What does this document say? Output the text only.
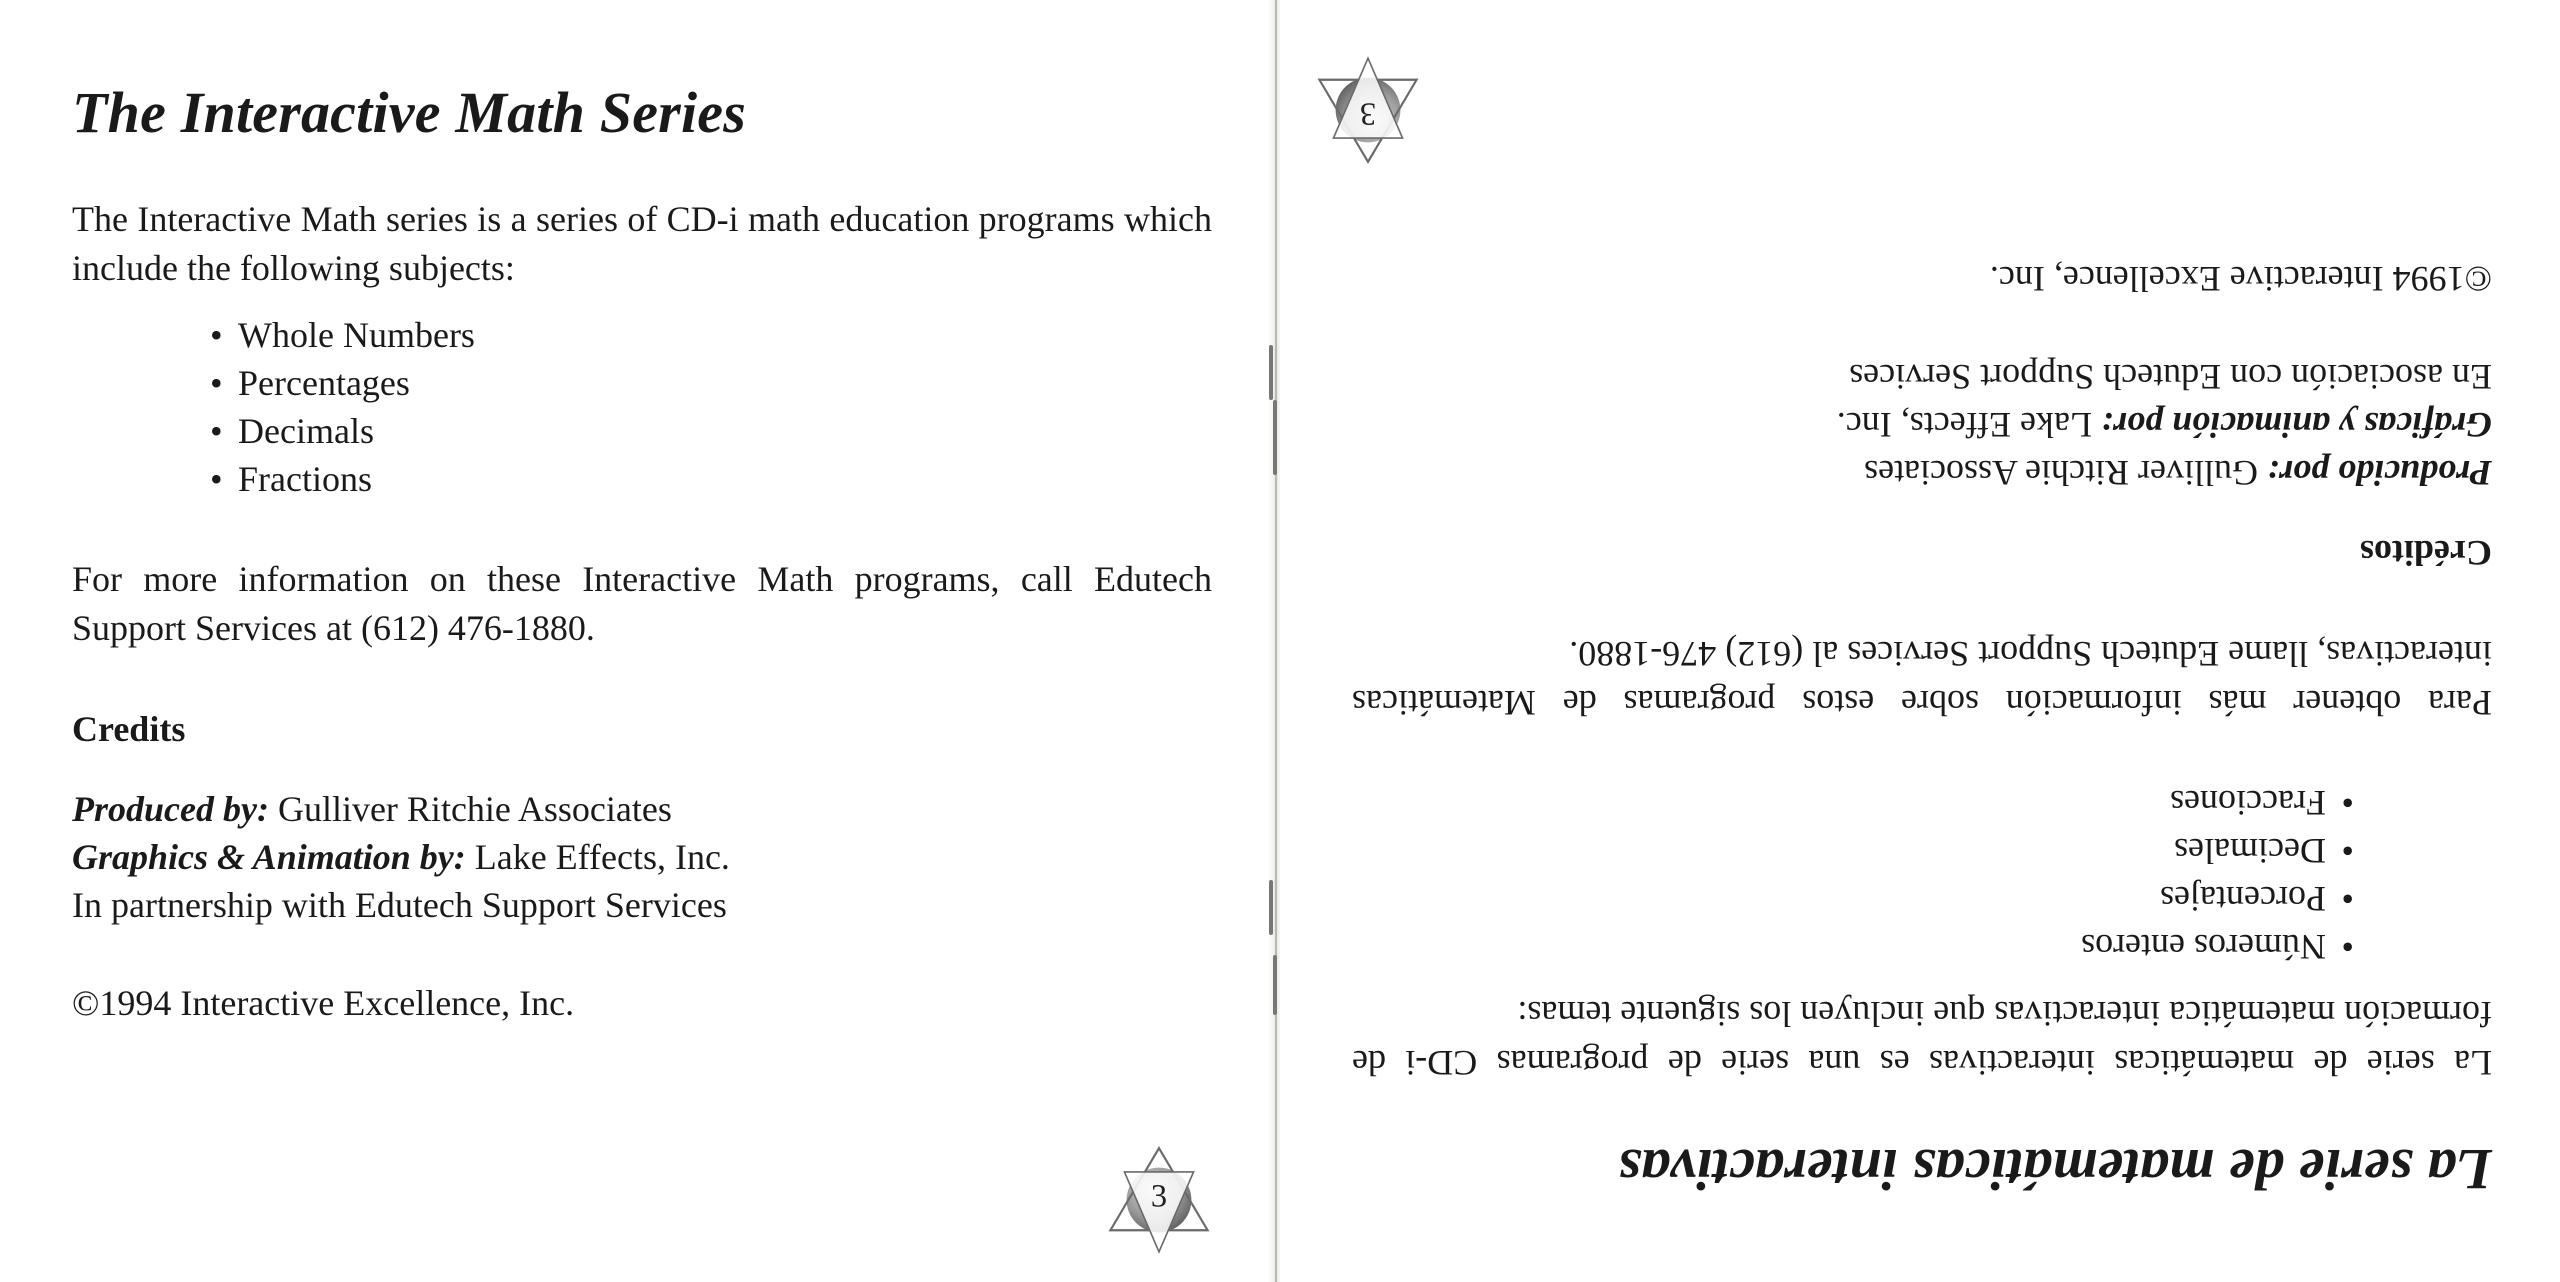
The Interactive Math Series

The Interactive Math series is a series of CD-i math education programs which include the following subjects:

• Whole Numbers
• Percentages
• Decimals
• Fractions

For more information on these Interactive Math programs, call Edutech Support Services at (612) 476-1880.

Credits

Produced by: Gulliver Ritchie Associates

Graphics & Animation by: Lake Effects, Inc.

In partnership with Edutech Support Services

©1994 Interactive Excellence, Inc.

3	La serie de matemáticas interactivas

La serie de matemáticas interactivas es una serie de programas CD-i de formación matemática interactivas que incluyen los siguente temas:

•Números enteros
•Porcentajes
•Decimales
•Fracciones

Para obtener más información sobre estos programas de Matemáticas interactivas, llame Edutech Support Services al (612) 476-1880.

Créditos

Producido por: Gulliver Ritchie Associates

Gráficas y animación por: Lake Effects, Inc.

En asociación con Edutech Support Services

©1994 Interactive Excellence, Inc.

3
